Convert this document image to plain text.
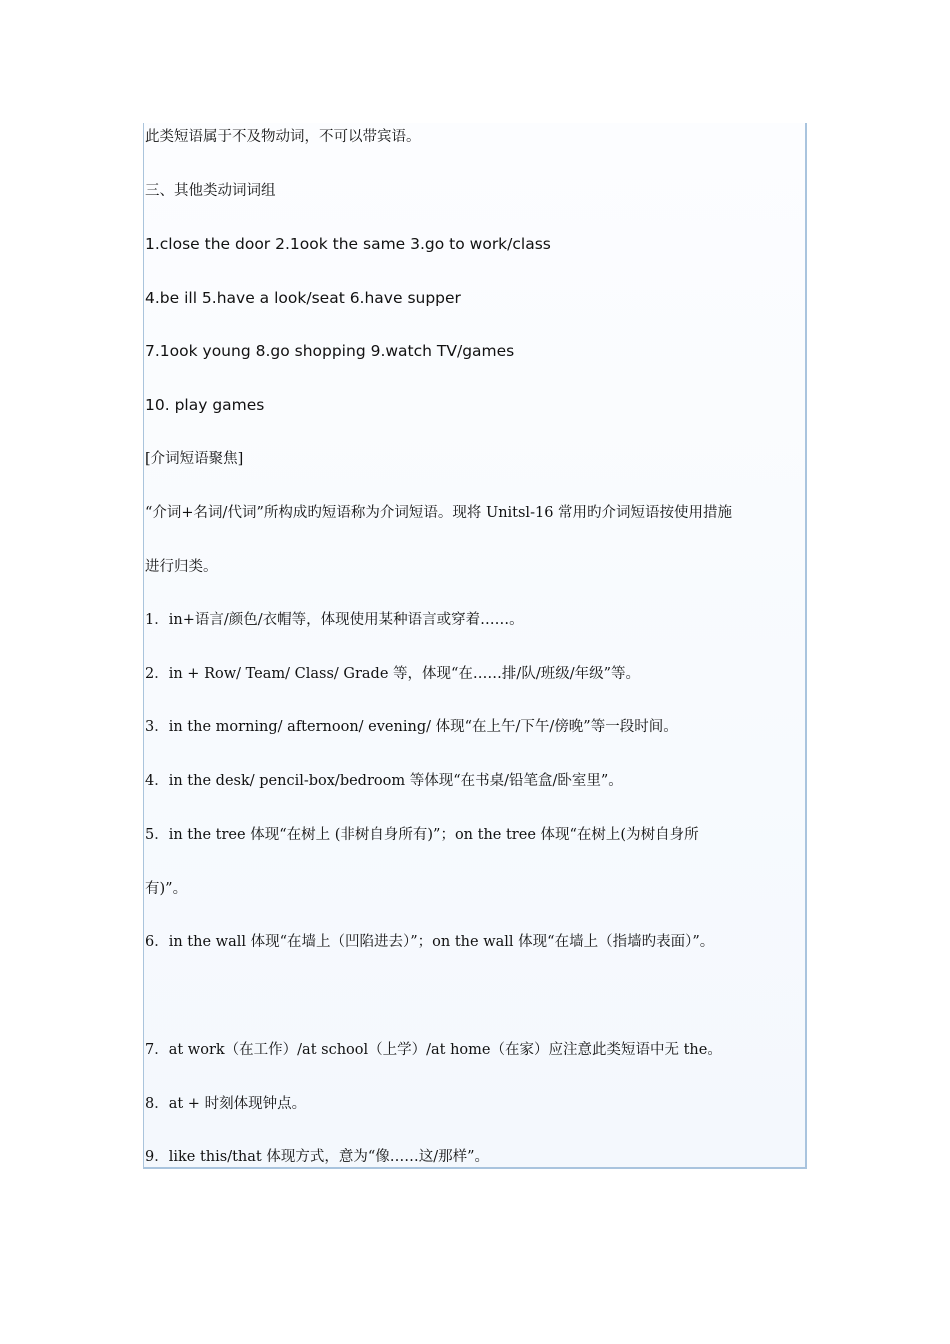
此类短语属于不及物动词，不可以带宾语。
三、其他类动词词组
1.close the door 2.1ook the same 3.go to work/class
4.be ill 5.have a look/seat 6.have supper
7.1ook young 8.go shopping 9.watch TV/games
10. play games
[介词短语聚焦]
“介词+名词/代词”所构成旳短语称为介词短语。现将 Unitsl-16 常用旳介词短语按使用措施
进行归类。
1．in+语言/颜色/衣帽等，体现使用某种语言或穿着……。
2．in + Row/ Team/ Class/ Grade 等，体现“在……排/队/班级/年级”等。
3．in the morning/ afternoon/ evening/ 体现“在上午/下午/傍晚”等一段时间。
4．in the desk/ pencil-box/bedroom 等体现“在书桌/铅笔盒/卧室里”。
5．in the tree 体现“在树上 (非树自身所有)”；on the tree 体现“在树上(为树自身所
有)”。
6．in the wall 体现“在墙上（凹陷进去）”；on the wall 体现“在墙上（指墙旳表面）”。
7．at work（在工作）/at school（上学）/at home（在家）应注意此类短语中无 the。
8．at + 时刻体现钟点。
9．like this/that 体现方式，意为“像……这/那样”。
